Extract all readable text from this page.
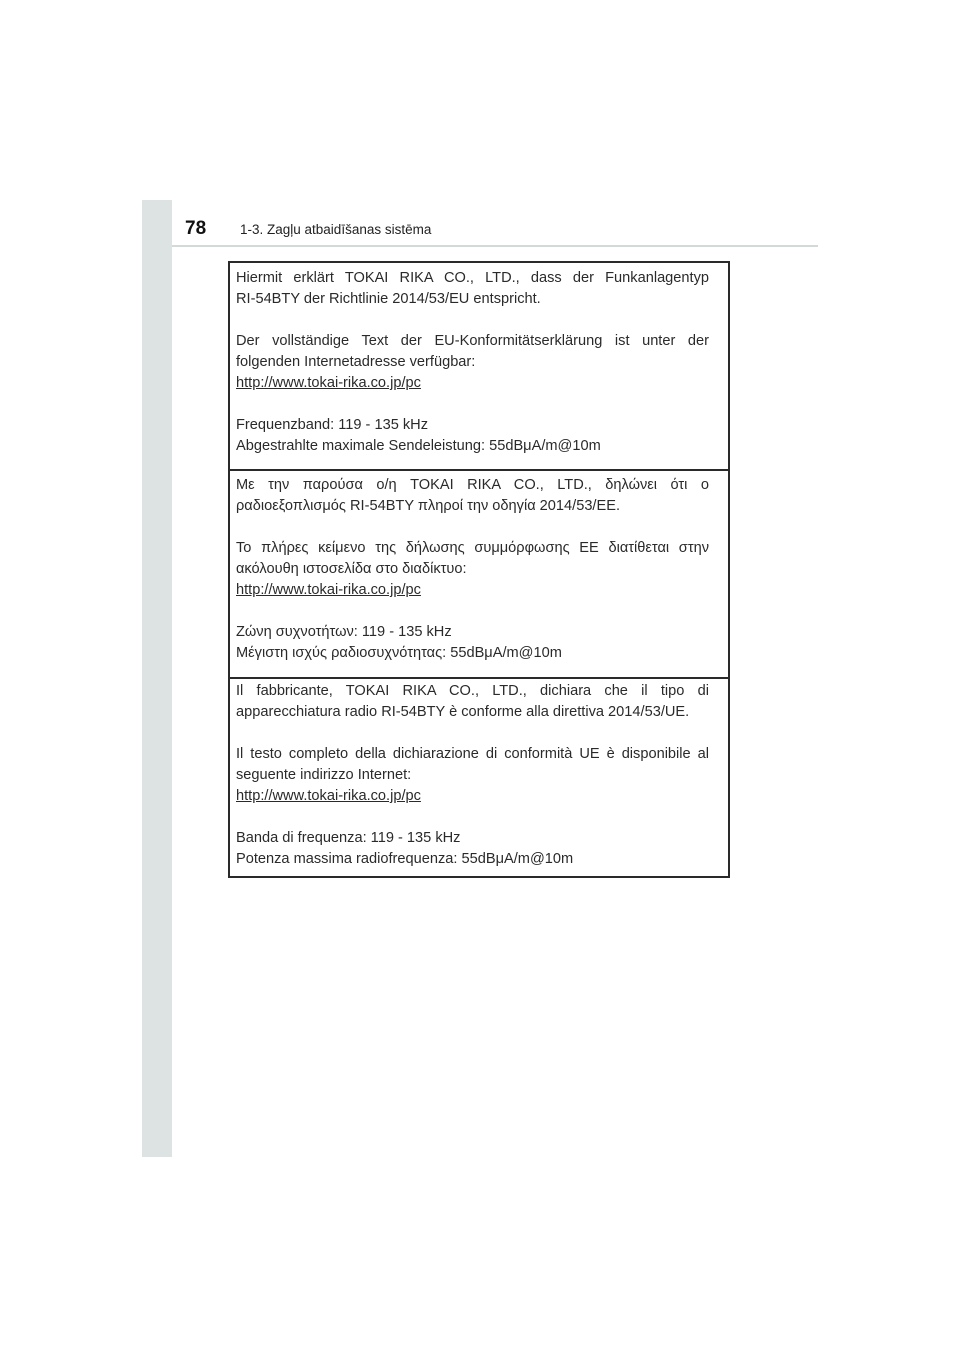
78	1-3. Zagļu atbaidīšanas sistēma

Hiermit erklärt TOKAI RIKA CO., LTD., dass der Funkanlagentyp
RI-54BTY der Richtlinie 2014/53/EU entspricht.

Der vollständige Text der EU-Konformitätserklärung ist unter der
folgenden Internetadresse verfügbar:

http://www.tokai-rika.co.jp/pc

Frequenzband: 119 - 135 kHz

Abgestrahlte maximale Sendeleistung: 55dBμA/m@10m

Με την παρούσα ο/η TOKAI RIKA CO., LTD., δηλώνει ότι ο
ραδιοεξοπλισμός RI-54BTY πληροί την οδηγία 2014/53/EE.

Το πλήρες κείμενο της δήλωσης συμμόρφωσης EE διατίθεται στην
ακόλουθη ιστοσελίδα στο διαδίκτυο:

http://www.tokai-rika.co.jp/pc

Ζώνη συχνοτήτων: 119 - 135 kHz

Μέγιστη ισχύς ραδιοσυχνότητας: 55dBμA/m@10m

Il fabbricante, TOKAI RIKA CO., LTD., dichiara che il tipo di
apparecchiatura radio RI-54BTY è conforme alla direttiva 2014/53/UE.

Il testo completo della dichiarazione di conformità UE è disponibile al
seguente indirizzo Internet:

http://www.tokai-rika.co.jp/pc

Banda di frequenza: 119 - 135 kHz

Potenza massima radiofrequenza: 55dBμA/m@10m
